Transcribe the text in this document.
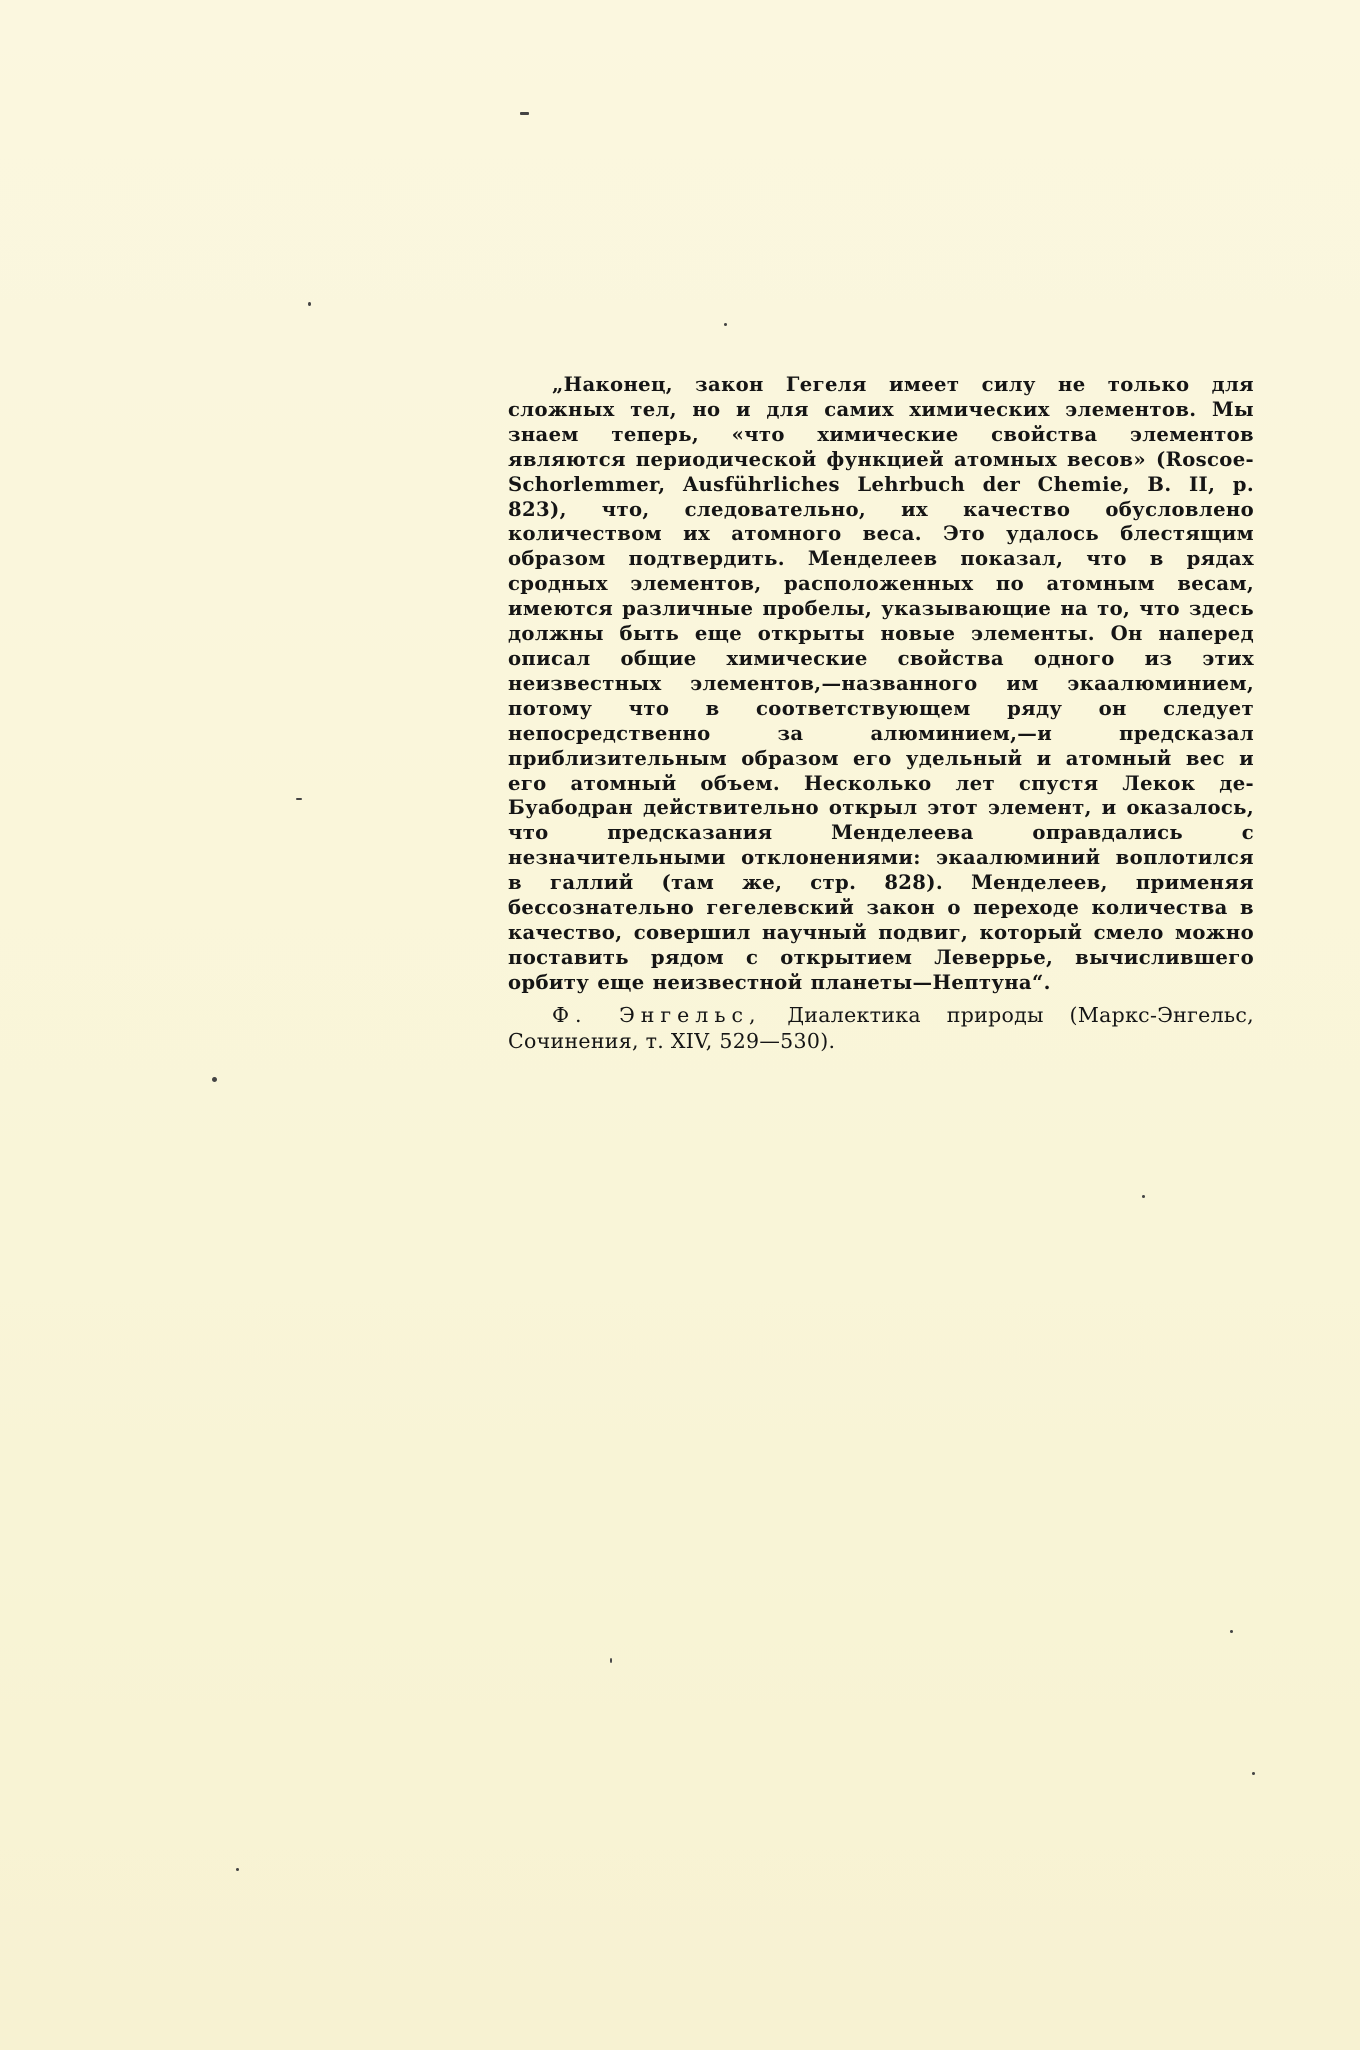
„Наконец, закон Гегеля имеет силу не только для сложных тел, но и для самих химических элементов. Мы знаем теперь, «что химические свойства элементов являются периодической функцией атомных весов» (Roscoe-Schorlemmer, Ausführliches Lehrbuch der Chemie, B. II, p. 823), что, следовательно, их качество обусловлено количеством их атомного веса. Это удалось блестящим образом подтвердить. Менделеев показал, что в рядах сродных элементов, расположенных по атомным весам, имеются различные пробелы, указывающие на то, что здесь должны быть еще открыты новые элементы. Он наперед описал общие химические свойства одного из этих неизвестных элементов,—названного им экаалюминием, потому что в соответствующем ряду он следует непосредственно за алюминием,—и предсказал приблизительным образом его удельный и атомный вес и его атомный объем. Несколько лет спустя Лекок де-Буабодран действительно открыл этот элемент, и оказалось, что предсказания Менделеева оправдались с незначительными отклонениями: экаалюминий воплотился в галлий (там же, стр. 828). Менделеев, применяя бессознательно гегелевский закон о переходе количества в качество, совершил научный подвиг, который смело можно поставить рядом с открытием Леверрье, вычислившего орбиту еще неизвестной планеты—Нептуна“.

Ф. Энгельс, Диалектика природы (Маркс-Энгельс, Сочинения, т. XIV, 529—530).
